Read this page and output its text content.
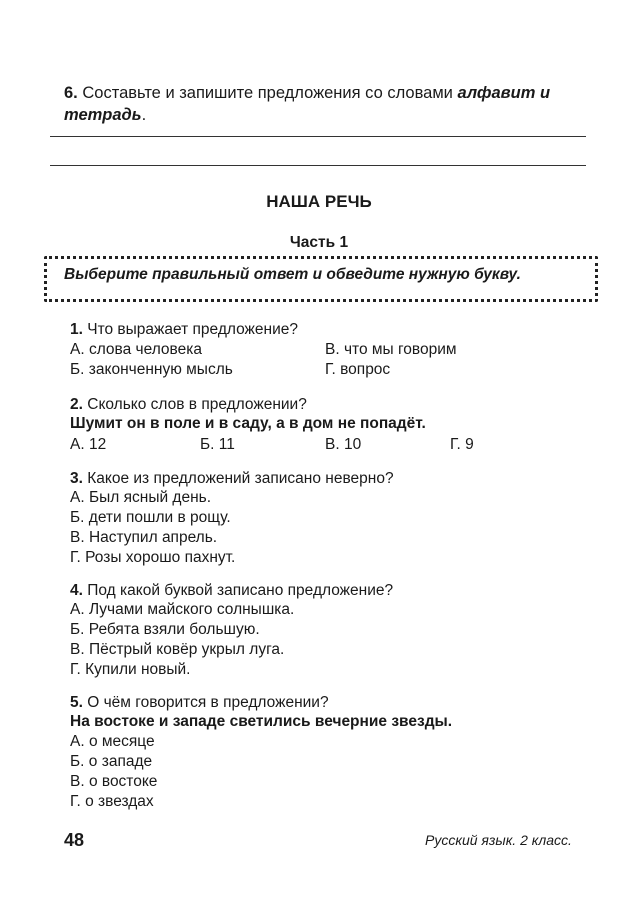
6. Составьте и запишите предложения со словами алфавит и тетрадь.
НАША РЕЧЬ
Часть 1
Выберите правильный ответ и обведите нужную букву.
1. Что выражает предложение?
А. слова человека	В. что мы говорим
Б. законченную мысль	Г. вопрос
2. Сколько слов в предложении?
Шумит он в поле и в саду, а в дом не попадёт.
А. 12	Б. 11	В. 10	Г. 9
3. Какое из предложений записано неверно?
А. Был ясный день.
Б. дети пошли в рощу.
В. Наступил апрель.
Г. Розы хорошо пахнут.
4. Под какой буквой записано предложение?
А. Лучами майского солнышка.
Б. Ребята взяли большую.
В. Пёстрый ковёр укрыл луга.
Г. Купили новый.
5. О чём говорится в предложении?
На востоке и западе светились вечерние звезды.
А. о месяце
Б. о западе
В. о востоке
Г. о звездах
48	Русский язык. 2 класс.
